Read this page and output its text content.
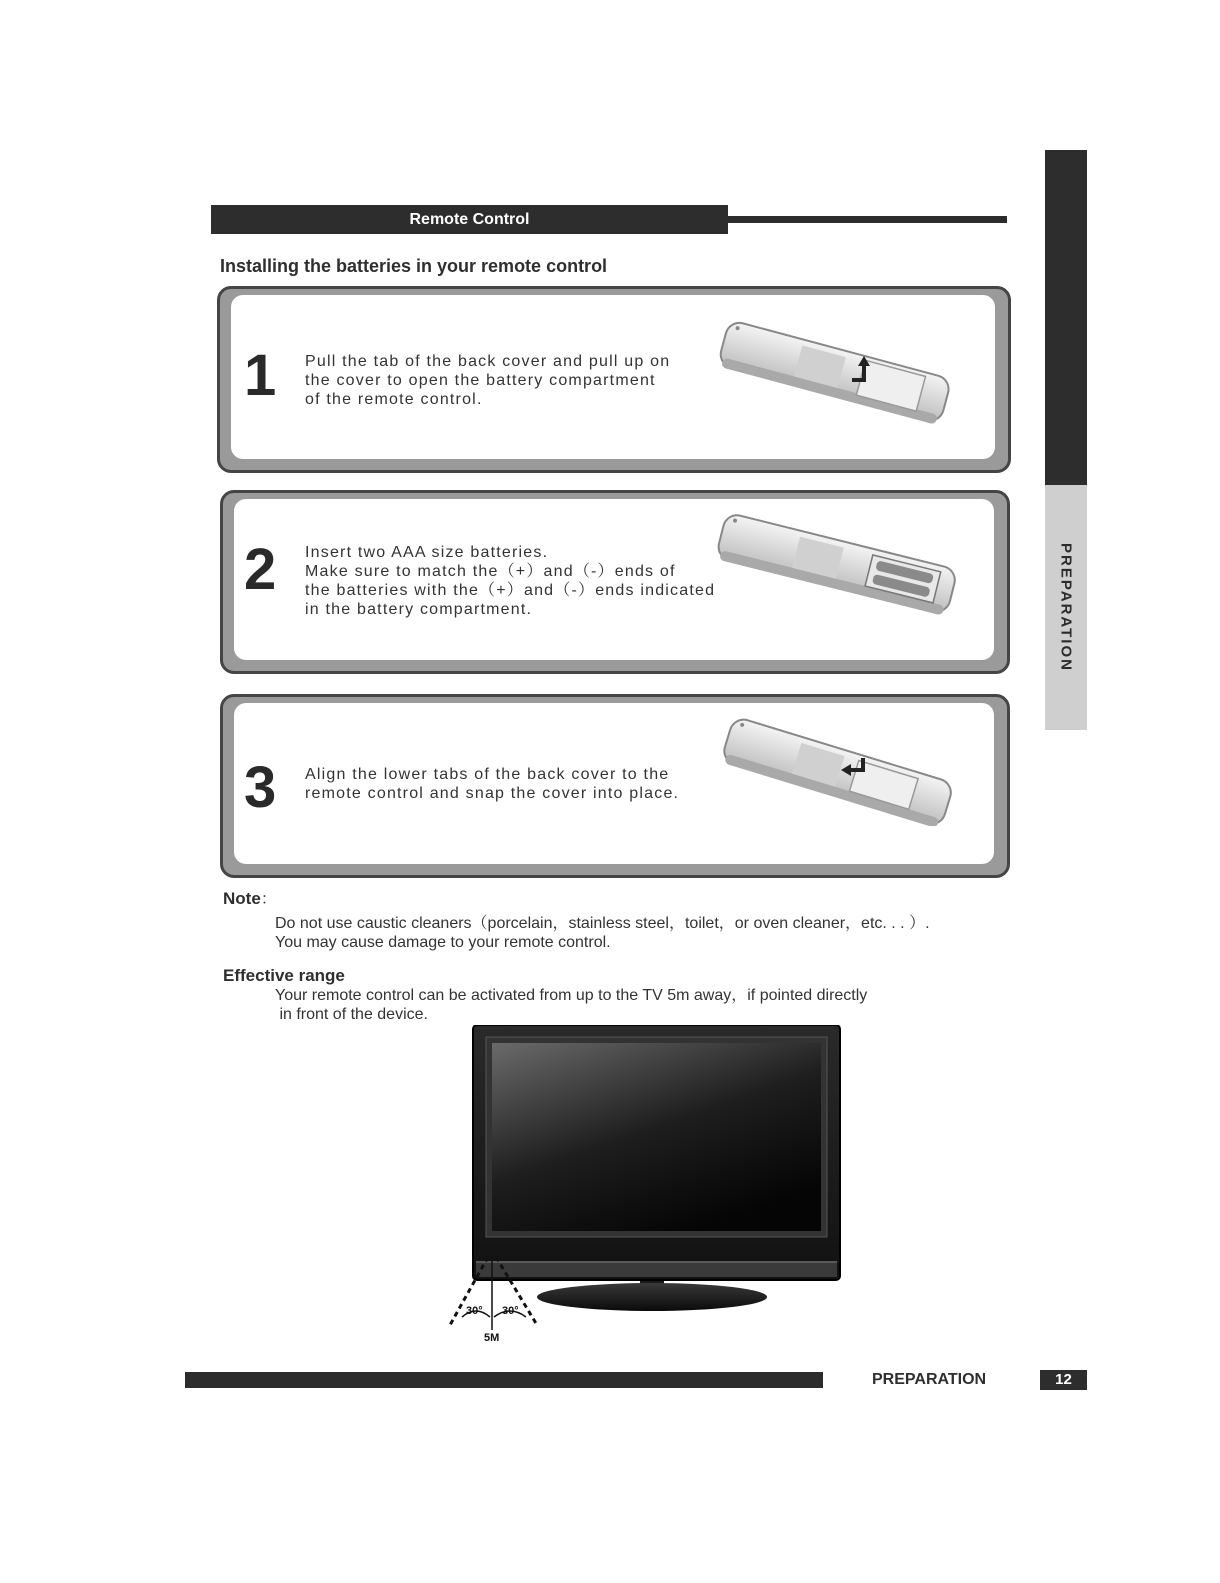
PREPARATION
Remote Control
Installing the batteries in your remote control
1 Pull the tab of the back cover and pull up on
the cover to open the battery compartment
of the remote control.
2 Insert two AAA size batteries.
Make sure to match the（+）and（-）ends of
the batteries with the（+）and（-）ends indicated
in the battery compartment.
3 Align the lower tabs of the back cover to the
remote control and snap the cover into place.
Note：
Do not use caustic cleaners（porcelain，stainless steel，toilet，or oven cleaner，etc. . . ）.
You may cause damage to your remote control.
Effective range
Your remote control can be activated from up to the TV 5m away，if pointed directly
in front of the device.
30° 30°
5M
PREPARATION	12
